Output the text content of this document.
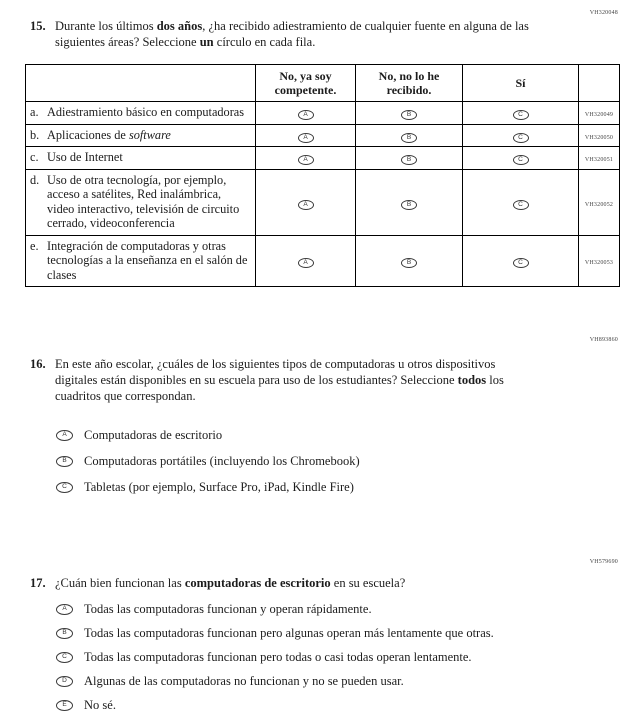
VH320048
15. Durante los últimos dos años, ¿ha recibido adiestramiento de cualquier fuente en alguna de las siguientes áreas? Seleccione un círculo en cada fila.
	No, ya soy competente.	No, no lo he recibido.	Sí	

a. Adiestramiento básico en computadoras	A	B	C	VH320049

b. Aplicaciones de software	A	B	C	VH320050

c. Uso de Internet	A	B	C	VH320051

d. Uso de otra tecnología, por ejemplo, acceso a satélites, Red inalámbrica, video interactivo, televisión de circuito cerrado, videoconferencia	A	B	C	VH320052

e. Integración de computadoras y otras tecnologías a la enseñanza en el salón de clases	A	B	C	VH320053
VH893860
16. En este año escolar, ¿cuáles de los siguientes tipos de computadoras u otros dispositivos digitales están disponibles en su escuela para uso de los estudiantes? Seleccione todos los cuadritos que correspondan.
A Computadoras de escritorio
B Computadoras portátiles (incluyendo los Chromebook)
C Tabletas (por ejemplo, Surface Pro, iPad, Kindle Fire)
VH579690
17. ¿Cuán bien funcionan las computadoras de escritorio en su escuela?
A Todas las computadoras funcionan y operan rápidamente.
B Todas las computadoras funcionan pero algunas operan más lentamente que otras.
C Todas las computadoras funcionan pero todas o casi todas operan lentamente.
D Algunas de las computadoras no funcionan y no se pueden usar.
E No sé.
